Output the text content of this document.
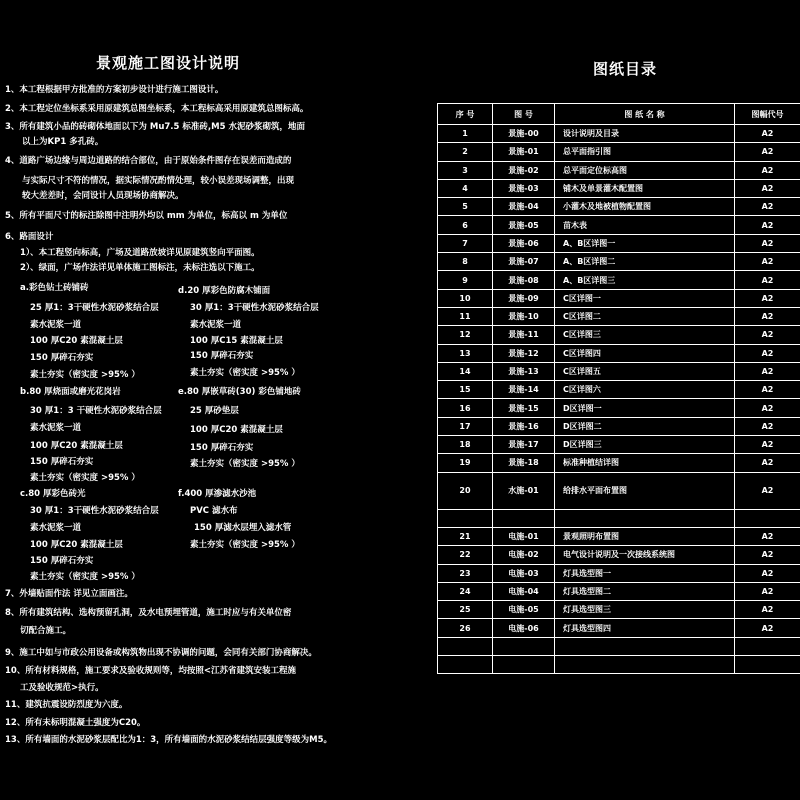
景观施工图设计说明	图纸目录
1、本工程根据甲方批准的方案初步设计进行施工图设计。
2、本工程定位坐标系采用原建筑总图坐标系，本工程标高采用原建筑总图标高。
3、所有建筑小品的砖砌体地面以下为 Mu7.5 标准砖,M5 水泥砂浆砌筑，地面
以上为KP1 多孔砖。
4、道路广场边缘与周边道路的结合部位，由于原始条件图存在误差而造成的
与实际尺寸不符的情况，据实际情况酌情处理，较小误差现场调整，出现
较大差差时，会同设计人员现场协商解决。
5、所有平面尺寸的标注除图中注明外均以 mm 为单位，标高以 m 为单位
6、路面设计
1）、本工程竖向标高，广场及道路放坡详见原建筑竖向平面图。
2）、绿面，广场作法详见单体施工图标注，未标注选以下施工。
a.彩色钻土砖铺砖
25 厚1：3干硬性水泥砂浆结合层
素水泥浆一道
100 厚C20 素混凝土层
150 厚碎石夯实
素土夯实（密实度 >95% ）
b.80 厚烧面或磨光花岗岩
30 厚1：3 干硬性水泥砂浆结合层
素水泥浆一道
100 厚C20 素混凝土层
150 厚碎石夯实
素土夯实（密实度 >95% ）
c.80 厚彩色砖光
30 厚1：3干硬性水泥砂浆结合层
素水泥浆一道
100 厚C20 素混凝土层
150 厚碎石夯实
素土夯实（密实度 >95% ）
d.20 厚彩色防腐木铺面
30 厚1：3干硬性水泥砂浆结合层
素水泥浆一道
100 厚C15 素混凝土层
150 厚碎石夯实
素土夯实（密实度 >95% ）
e.80 厚嵌草砖(30) 彩色铺地砖
25 厚砂垫层
100 厚C20 素混凝土层
150 厚碎石夯实
素土夯实（密实度 >95% ）
f.400 厚渗滤水沙池
PVC 滤水布
150 厚滤水层埋入滤水管
素土夯实（密实度 >95% ）
7、外墙贴面作法 详见立面画注。
8、所有建筑结构、选构预留孔洞，及水电预埋管道，施工时应与有关单位密
切配合施工。
9、施工中如与市政公用设备或构筑物出现不协调的问题，会同有关部门协商解决。
10、所有材料规格，施工要求及验收规则等，均按照<江苏省建筑安装工程施
工及验收规范>执行。
11、建筑抗震设防烈度为六度。
12、所有未标明混凝土强度为C20。
13、所有墙面的水泥砂浆层配比为1：3，所有墙面的水泥砂浆结结层强度等级为M5。
序 号	图 号	图 纸 名 称	图幅代号
1	景施-00	设计说明及目录	A2
2	景施-01	总平面指引图	A2
3	景施-02	总平面定位标高图	A2
4	景施-03	铺木及单景灌木配置图	A2
5	景施-04	小灌木及地被植物配置图	A2
6	景施-05	苗木表	A2
7	景施-06	A、B区详图一	A2
8	景施-07	A、B区详图二	A2
9	景施-08	A、B区详图三	A2
10	景施-09	C区详图一	A2
11	景施-10	C区详图二	A2
12	景施-11	C区详图三	A2
13	景施-12	C区详图四	A2
14	景施-13	C区详图五	A2
15	景施-14	C区详图六	A2
16	景施-15	D区详图一	A2
17	景施-16	D区详图二	A2
18	景施-17	D区详图三	A2
19	景施-18	标准种植结详图	A2
20	水施-01	给排水平面布置图	A2

21	电施-01	景观照明布置图	A2
22	电施-02	电气设计说明及一次接线系统图	A2
23	电施-03	灯具选型图一	A2
24	电施-04	灯具选型图二	A2
25	电施-05	灯具选型图三	A2
26	电施-06	灯具选型图四	A2
